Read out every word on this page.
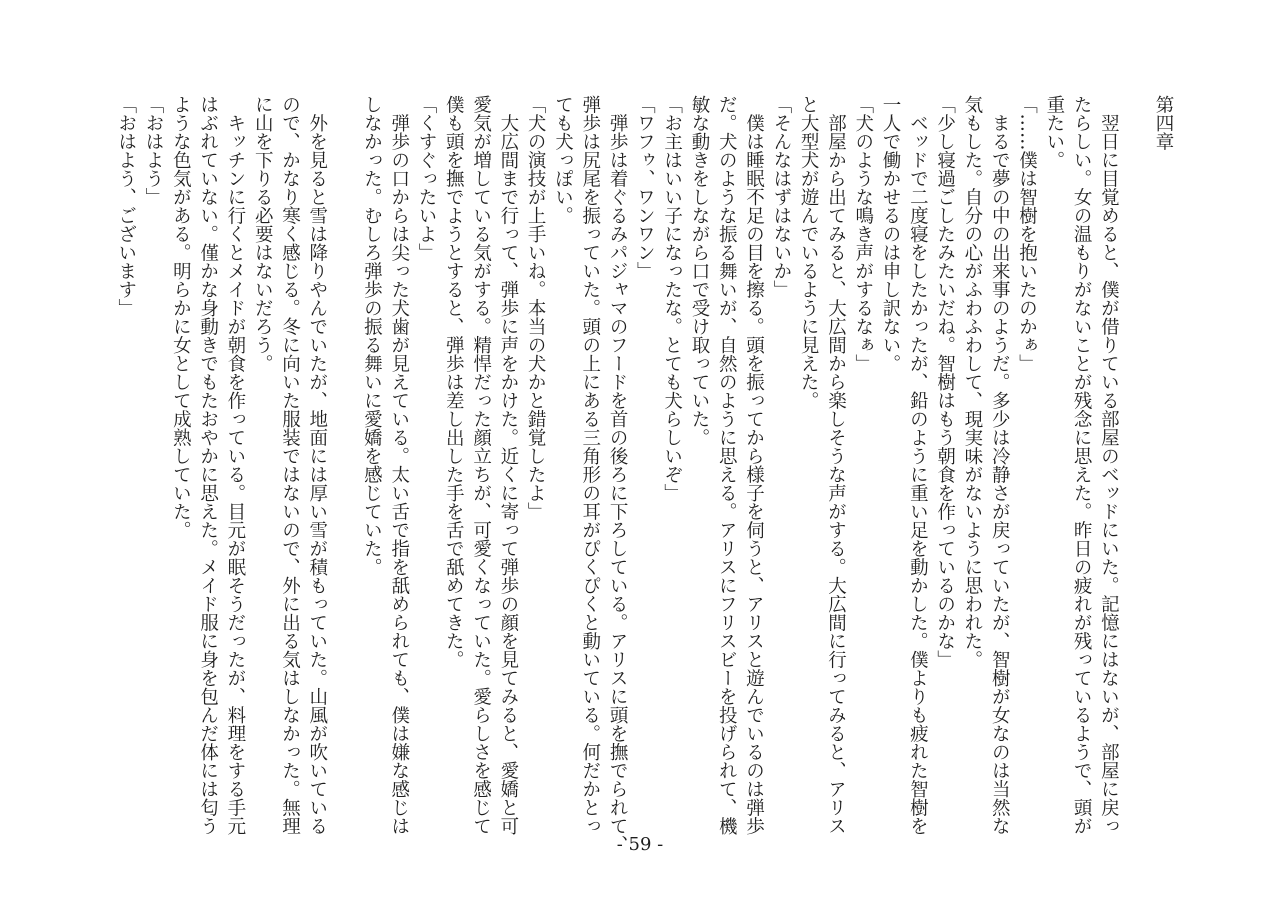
第四章
　翌日に目覚めると、僕が借りている部屋のベッドにいた。記憶にはないが、部屋に戻っ
たらしい。女の温もりがないことが残念に思えた。昨日の疲れが残っているようで、頭が
重たい。
「……僕は智樹を抱いたのかぁ」
　まるで夢の中の出来事のようだ。多少は冷静さが戻っていたが、智樹が女なのは当然な
気もした。自分の心がふわふわして、現実味がないように思われた。
「少し寝過ごしたみたいだね。智樹はもう朝食を作っているのかな」
　ベッドで二度寝をしたかったが、鉛のように重い足を動かした。僕よりも疲れた智樹を
一人で働かせるのは申し訳ない。
「犬のような鳴き声がするなぁ」
　部屋から出てみると、大広間から楽しそうな声がする。大広間に行ってみると、アリス
と大型犬が遊んでいるように見えた。
「そんなはずはないか」
　僕は睡眠不足の目を擦る。頭を振ってから様子を伺うと、アリスと遊んでいるのは弾歩
だ。犬のような振る舞いが、自然のように思える。アリスにフリスビーを投げられて、機
敏な動きをしながら口で受け取っていた。
「お主はいい子になったな。とても犬らしいぞ」
「ワフゥ、ワンワン」
　弾歩は着ぐるみパジャマのフードを首の後ろに下ろしている。アリスに頭を撫でられて、
弾歩は尻尾を振っていた。頭の上にある三角形の耳がぴくぴくと動いている。何だかとっ
ても犬っぽい。
「犬の演技が上手いね。本当の犬かと錯覚したよ」
　大広間まで行って、弾歩に声をかけた。近くに寄って弾歩の顔を見てみると、愛嬌と可
愛気が増している気がする。精悍だった顔立ちが、可愛くなっていた。愛らしさを感じて
僕も頭を撫でようとすると、弾歩は差し出した手を舌で舐めてきた。
「くすぐったいよ」
　弾歩の口からは尖った犬歯が見えている。太い舌で指を舐められても、僕は嫌な感じは
しなかった。むしろ弾歩の振る舞いに愛嬌を感じていた。
　外を見ると雪は降りやんでいたが、地面には厚い雪が積もっていた。山風が吹いている
ので、かなり寒く感じる。冬に向いた服装ではないので、外に出る気はしなかった。無理
に山を下りる必要はないだろう。
　キッチンに行くとメイドが朝食を作っている。目元が眠そうだったが、料理をする手元
はぶれていない。僅かな身動きでもたおやかに思えた。メイド服に身を包んだ体には匂う
ような色気がある。明らかに女として成熟していた。
「おはよう」
「おはよう、ございます」
- 59 -
